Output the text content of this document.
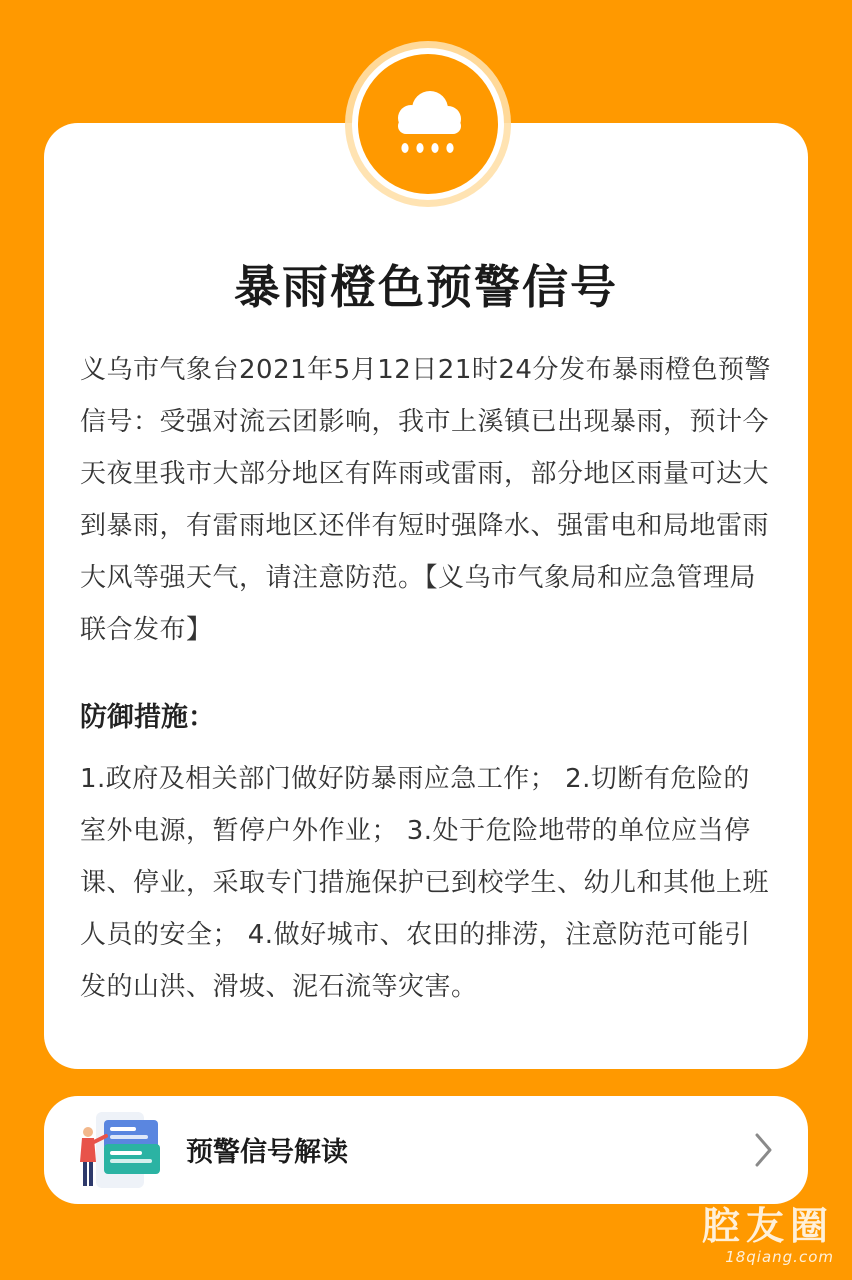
暴雨橙色预警信号

义乌市气象台2021年5月12日21时24分发布暴雨橙色预警信号：受强对流云团影响，我市上溪镇已出现暴雨，预计今天夜里我市大部分地区有阵雨或雷雨，部分地区雨量可达大到暴雨，有雷雨地区还伴有短时强降水、强雷电和局地雷雨大风等强天气，请注意防范。【义乌市气象局和应急管理局联合发布】

防御措施：

1.政府及相关部门做好防暴雨应急工作； 2.切断有危险的室外电源，暂停户外作业； 3.处于危险地带的单位应当停课、停业，采取专门措施保护已到校学生、幼儿和其他上班人员的安全； 4.做好城市、农田的排涝，注意防范可能引发的山洪、滑坡、泥石流等灾害。

预警信号解读
腔友圈
18qiang.com
